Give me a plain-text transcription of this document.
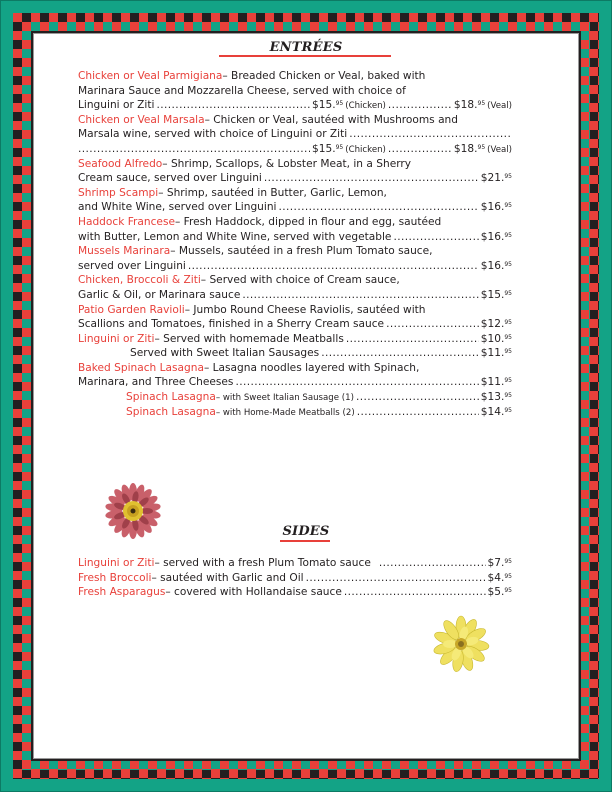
ENTRÉES
Chicken or Veal Parmigiana – Breaded Chicken or Veal, baked with
Marinara Sauce and Mozzarella Cheese, served with choice of
Linguini or Ziti .....	$15.95 (Chicken) .....	$18.95 (Veal)
Chicken or Veal Marsala – Chicken or Veal, sautéed with Mushrooms and
Marsala wine, served with choice of Linguini or Ziti
.....
.....
$15.95 (Chicken) .....	$18.95 (Veal)
Seafood Alfredo – Shrimp, Scallops, & Lobster Meat, in a Sherry
Cream sauce, served over Linguini .....	$21.95
Shrimp Scampi – Shrimp, sautéed in Butter, Garlic, Lemon,
and White Wine, served over Linguini .....	$16.95
Haddock Francese – Fresh Haddock, dipped in flour and egg, sautéed
with Butter, Lemon and White Wine, served with vegetable .....	$16.95
Mussels Marinara – Mussels, sautéed in a fresh Plum Tomato sauce,
served over Linguini .....	$16.95
Chicken, Broccoli & Ziti – Served with choice of Cream sauce,
Garlic & Oil, or Marinara sauce .....	$15.95
Patio Garden Ravioli – Jumbo Round Cheese Raviolis, sautéed with
Scallions and Tomatoes, finished in a Sherry Cream sauce .....	$12.95
Linguini or Ziti – Served with homemade Meatballs .....	$10.95
Served with Sweet Italian Sausages .....	$11.95
Baked Spinach Lasagna – Lasagna noodles layered with Spinach,
Marinara, and Three Cheeses .....	$11.95
Spinach Lasagna – with Sweet Italian Sausage (1) .....	$13.95
Spinach Lasagna – with Home-Made Meatballs (2) .....	$14.95
SIDES
Linguini or Ziti – served with a fresh Plum Tomato sauce .....	$7.95
Fresh Broccoli – sautéed with Garlic and Oil .....	$4.95
Fresh Asparagus – covered with Hollandaise sauce .....	$5.95
